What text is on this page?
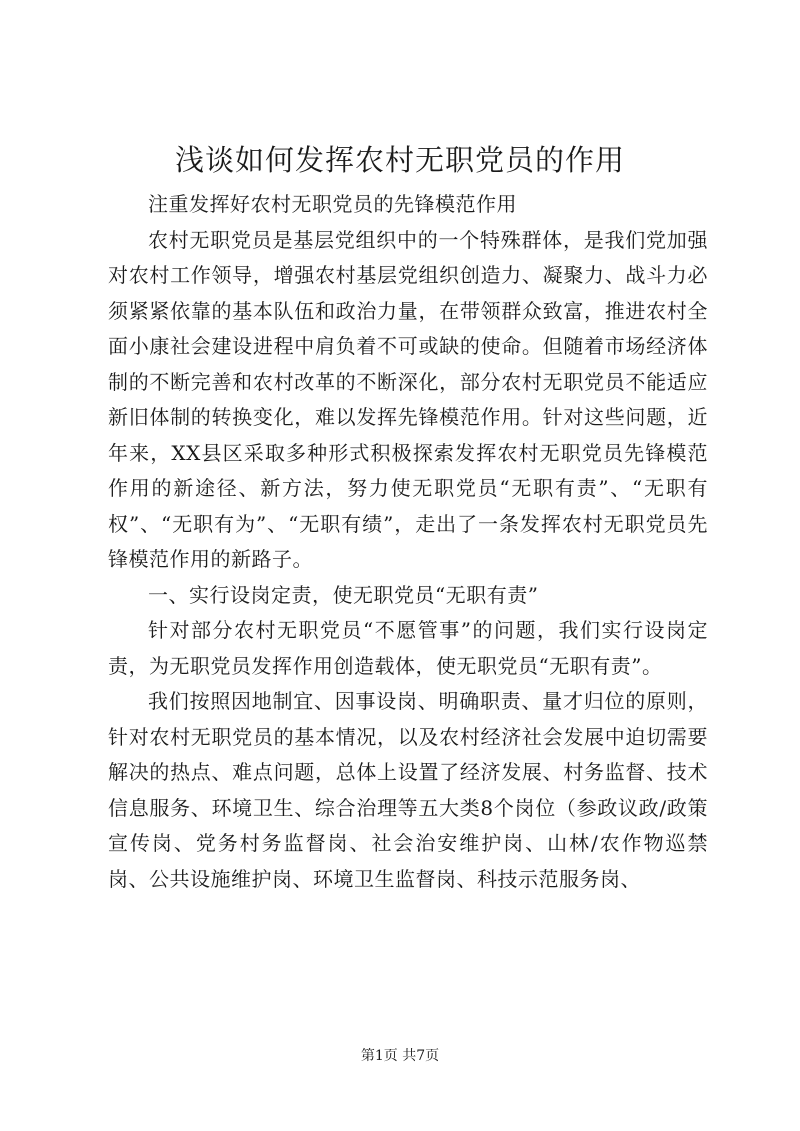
浅谈如何发挥农村无职党员的作用

注重发挥好农村无职党员的先锋模范作用

农村无职党员是基层党组织中的一个特殊群体，是我们党加强对农村工作领导，增强农村基层党组织创造力、凝聚力、战斗力必须紧紧依靠的基本队伍和政治力量，在带领群众致富，推进农村全面小康社会建设进程中肩负着不可或缺的使命。但随着市场经济体制的不断完善和农村改革的不断深化，部分农村无职党员不能适应新旧体制的转换变化，难以发挥先锋模范作用。针对这些问题，近年来，XX县区采取多种形式积极探索发挥农村无职党员先锋模范作用的新途径、新方法，努力使无职党员“无职有责”、“无职有权”、“无职有为”、“无职有绩”，走出了一条发挥农村无职党员先锋模范作用的新路子。

一、实行设岗定责，使无职党员“无职有责”

针对部分农村无职党员“不愿管事”的问题，我们实行设岗定责，为无职党员发挥作用创造载体，使无职党员“无职有责”。

我们按照因地制宜、因事设岗、明确职责、量才归位的原则，针对农村无职党员的基本情况，以及农村经济社会发展中迫切需要解决的热点、难点问题，总体上设置了经济发展、村务监督、技术信息服务、环境卫生、综合治理等五大类8个岗位（参政议政/政策宣传岗、党务村务监督岗、社会治安维护岗、山林/农作物巡禁岗、公共设施维护岗、环境卫生监督岗、科技示范服务岗、

第1页 共7页
